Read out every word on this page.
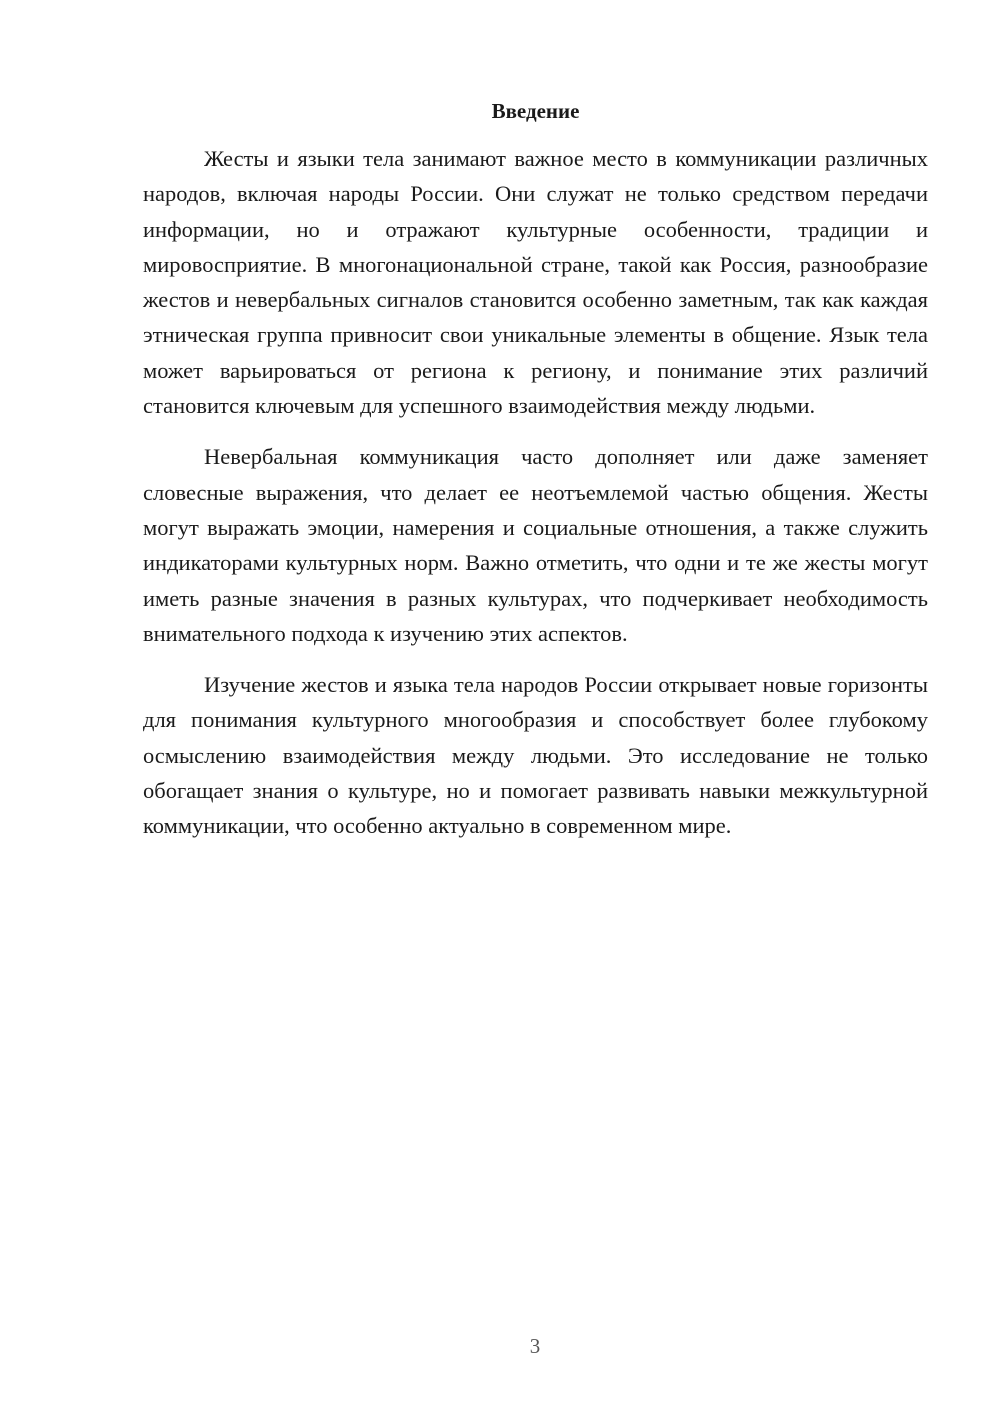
Введение

Жесты и языки тела занимают важное место в коммуникации различных народов, включая народы России. Они служат не только средством передачи информации, но и отражают культурные особенности, традиции и мировосприятие. В многонациональной стране, такой как Россия, разнообразие жестов и невербальных сигналов становится особенно заметным, так как каждая этническая группа привносит свои уникальные элементы в общение. Язык тела может варьироваться от региона к региону, и понимание этих различий становится ключевым для успешного взаимодействия между людьми.

Невербальная коммуникация часто дополняет или даже заменяет словесные выражения, что делает ее неотъемлемой частью общения. Жесты могут выражать эмоции, намерения и социальные отношения, а также служить индикаторами культурных норм. Важно отметить, что одни и те же жесты могут иметь разные значения в разных культурах, что подчеркивает необходимость внимательного подхода к изучению этих аспектов.

Изучение жестов и языка тела народов России открывает новые горизонты для понимания культурного многообразия и способствует более глубокому осмыслению взаимодействия между людьми. Это исследование не только обогащает знания о культуре, но и помогает развивать навыки межкультурной коммуникации, что особенно актуально в современном мире.

3
